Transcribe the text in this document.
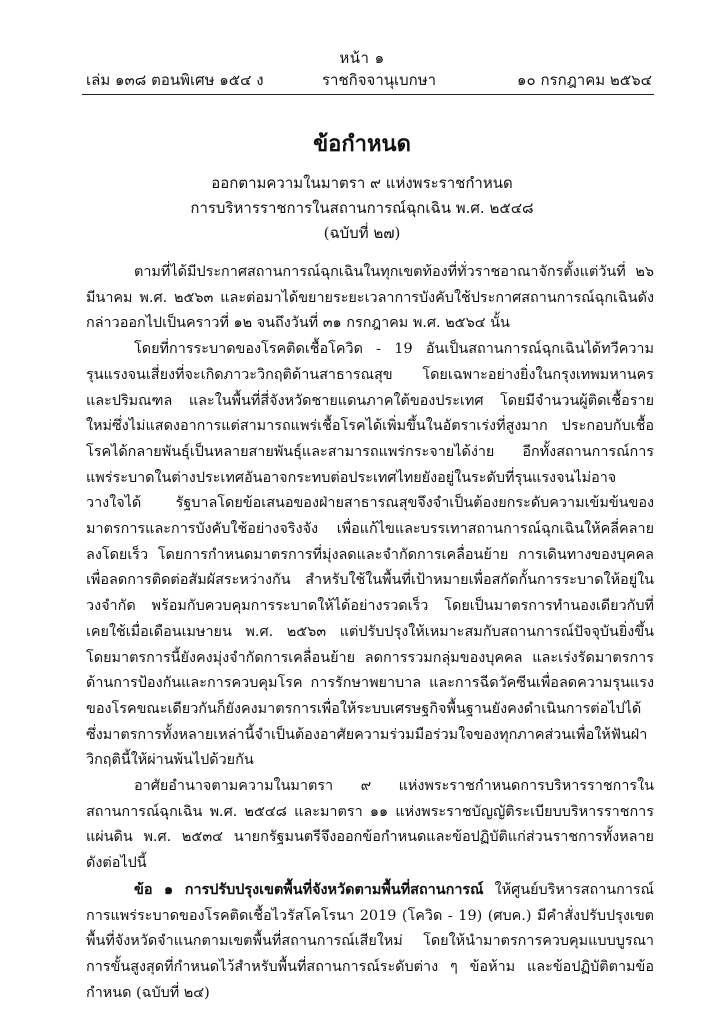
หน้า ๑
เล่ม ๑๓๘ ตอนพิเศษ ๑๕๔ ง	ราชกิจจานุเบกษา	๑๐ กรกฎาคม ๒๕๖๔
ข้อกำหนด
ออกตามความในมาตรา ๙ แห่งพระราชกำหนด
การบริหารราชการในสถานการณ์ฉุกเฉิน พ.ศ. ๒๕๔๘
(ฉบับที่ ๒๗)

ตามที่ได้มีประกาศสถานการณ์ฉุกเฉินในทุกเขตท้องที่ทั่วราชอาณาจักรตั้งแต่วันที่ ๒๖ มีนาคม พ.ศ. ๒๕๖๓ และต่อมาได้ขยายระยะเวลาการบังคับใช้ประกาศสถานการณ์ฉุกเฉินดังกล่าวออกไปเป็นคราวที่ ๑๒ จนถึงวันที่ ๓๑ กรกฎาคม พ.ศ. ๒๕๖๔ นั้น

โดยที่การระบาดของโรคติดเชื้อโควิด - 19 อันเป็นสถานการณ์ฉุกเฉินได้ทวีความรุนแรงจนเสี่ยงที่จะเกิดภาวะวิกฤติด้านสาธารณสุข โดยเฉพาะอย่างยิ่งในกรุงเทพมหานครและปริมณฑล และในพื้นที่สี่จังหวัดชายแดนภาคใต้ของประเทศ โดยมีจำนวนผู้ติดเชื้อรายใหม่ซึ่งไม่แสดงอาการแต่สามารถแพร่เชื้อโรคได้เพิ่มขึ้นในอัตราเร่งที่สูงมาก ประกอบกับเชื้อโรคได้กลายพันธุ์เป็นหลายสายพันธุ์และสามารถแพร่กระจายได้ง่าย อีกทั้งสถานการณ์การแพร่ระบาดในต่างประเทศอันอาจกระทบต่อประเทศไทยยังอยู่ในระดับที่รุนแรงจนไม่อาจวางใจได้ รัฐบาลโดยข้อเสนอของฝ่ายสาธารณสุขจึงจำเป็นต้องยกระดับความเข้มข้นของมาตรการและการบังคับใช้อย่างจริงจัง เพื่อแก้ไขและบรรเทาสถานการณ์ฉุกเฉินให้คลี่คลายลงโดยเร็ว โดยการกำหนดมาตรการที่มุ่งลดและจำกัดการเคลื่อนย้าย การเดินทางของบุคคลเพื่อลดการติดต่อสัมผัสระหว่างกัน สำหรับใช้ในพื้นที่เป้าหมายเพื่อสกัดกั้นการระบาดให้อยู่ในวงจำกัด พร้อมกับควบคุมการระบาดให้ได้อย่างรวดเร็ว โดยเป็นมาตรการทำนองเดียวกับที่เคยใช้เมื่อเดือนเมษายน พ.ศ. ๒๕๖๓ แต่ปรับปรุงให้เหมาะสมกับสถานการณ์ปัจจุบันยิ่งขึ้น โดยมาตรการนี้ยังคงมุ่งจำกัดการเคลื่อนย้าย ลดการรวมกลุ่มของบุคคล และเร่งรัดมาตรการด้านการป้องกันและการควบคุมโรค การรักษาพยาบาล และการฉีดวัคซีนเพื่อลดความรุนแรงของโรคขณะเดียวกันก็ยังคงมาตรการเพื่อให้ระบบเศรษฐกิจพื้นฐานยังคงดำเนินการต่อไปได้ ซึ่งมาตรการทั้งหลายเหล่านี้จำเป็นต้องอาศัยความร่วมมือร่วมใจของทุกภาคส่วนเพื่อให้ฟันฝ่าวิกฤตินี้ให้ผ่านพ้นไปด้วยกัน

อาศัยอำนาจตามความในมาตรา ๙ แห่งพระราชกำหนดการบริหารราชการในสถานการณ์ฉุกเฉิน พ.ศ. ๒๕๔๘ และมาตรา ๑๑ แห่งพระราชบัญญัติระเบียบบริหารราชการแผ่นดิน พ.ศ. ๒๕๓๔ นายกรัฐมนตรีจึงออกข้อกำหนดและข้อปฏิบัติแก่ส่วนราชการทั้งหลาย ดังต่อไปนี้

ข้อ ๑ การปรับปรุงเขตพื้นที่จังหวัดตามพื้นที่สถานการณ์ ให้ศูนย์บริหารสถานการณ์การแพร่ระบาดของโรคติดเชื้อไวรัสโคโรนา 2019 (โควิด - 19) (ศบค.) มีคำสั่งปรับปรุงเขตพื้นที่จังหวัดจำแนกตามเขตพื้นที่สถานการณ์เสียใหม่ โดยให้นำมาตรการควบคุมแบบบูรณาการขั้นสูงสุดที่กำหนดไว้สำหรับพื้นที่สถานการณ์ระดับต่าง ๆ ข้อห้าม และข้อปฏิบัติตามข้อกำหนด (ฉบับที่ ๒๔)
